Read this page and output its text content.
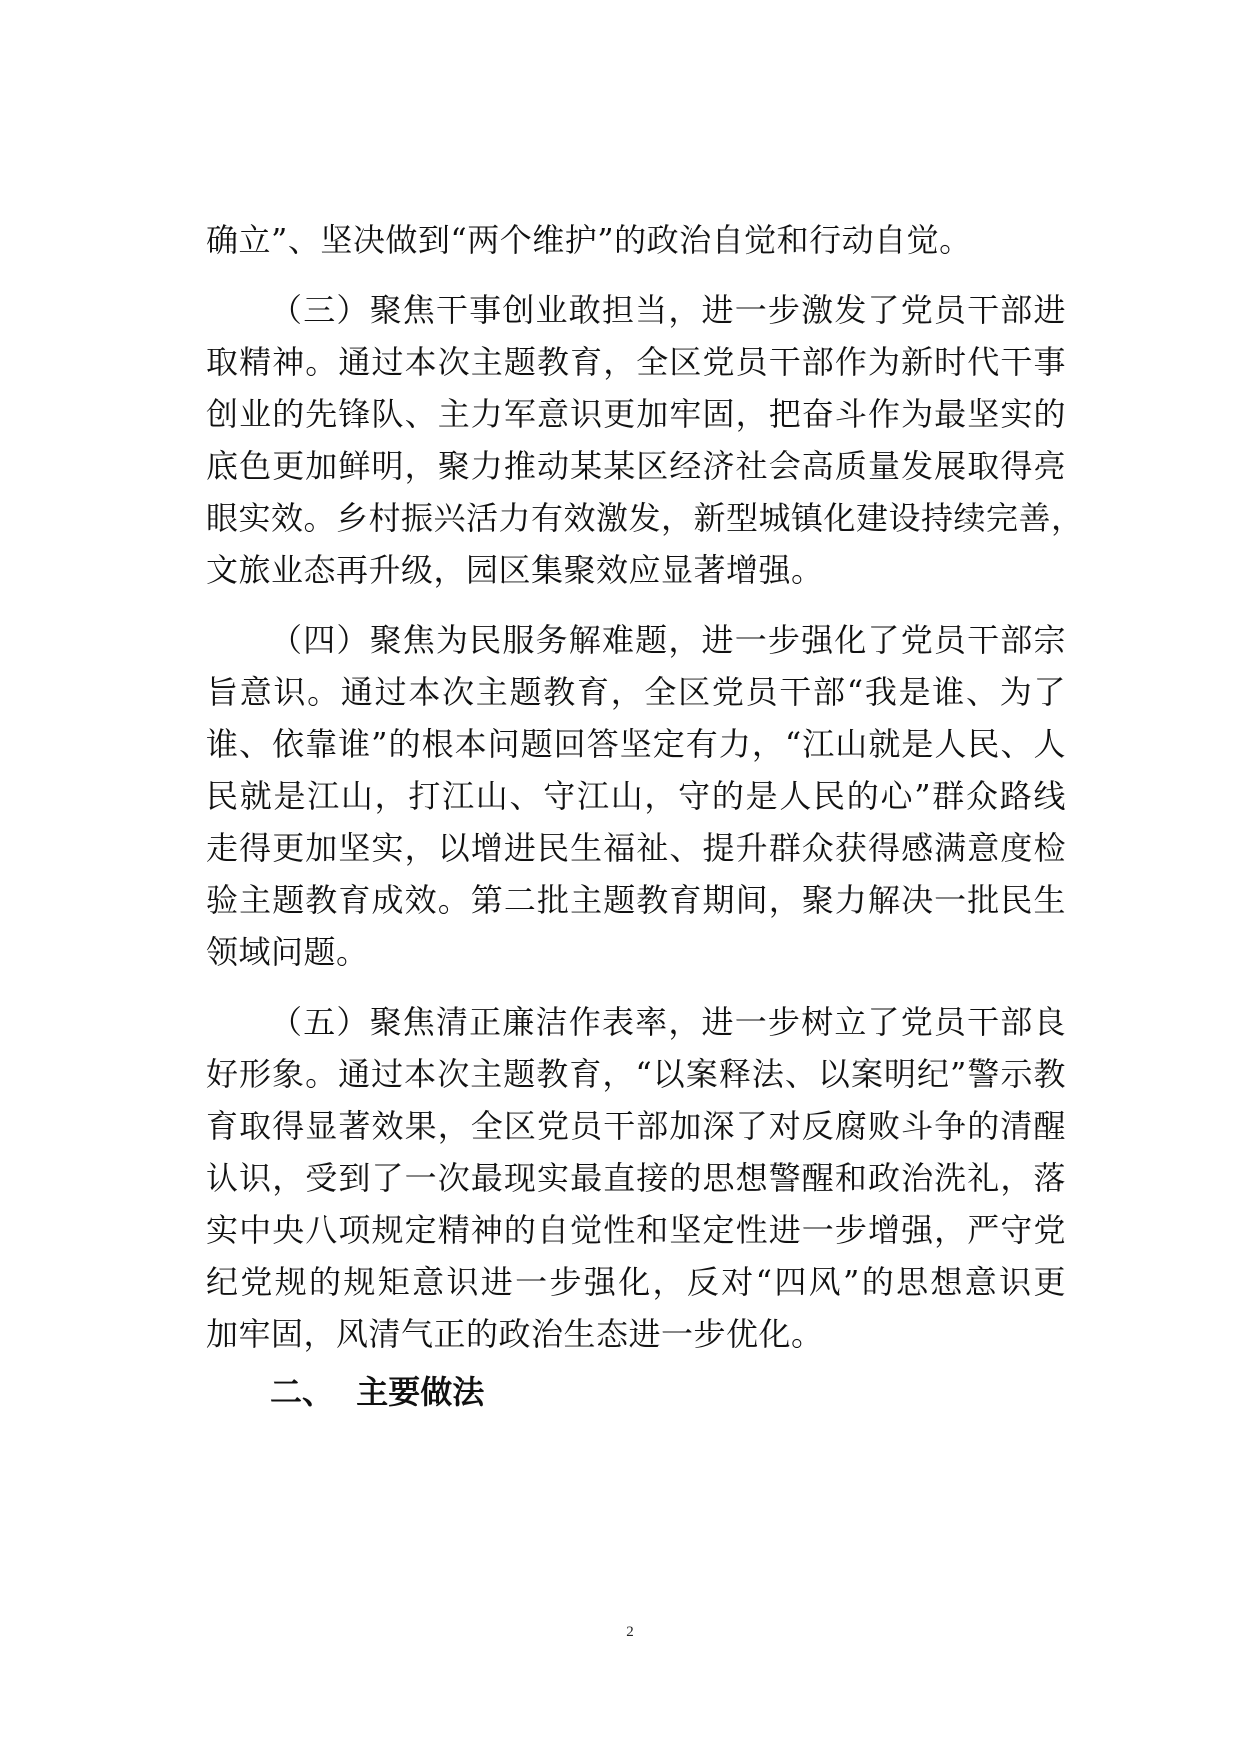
确立”、坚决做到“两个维护”的政治自觉和行动自觉。
（三）聚焦干事创业敢担当，进一步激发了党员干部进
取精神。通过本次主题教育，全区党员干部作为新时代干事
创业的先锋队、主力军意识更加牢固，把奋斗作为最坚实的
底色更加鲜明，聚力推动某某区经济社会高质量发展取得亮
眼实效。乡村振兴活力有效激发，新型城镇化建设持续完善，
文旅业态再升级，园区集聚效应显著增强。
（四）聚焦为民服务解难题，进一步强化了党员干部宗
旨意识。通过本次主题教育，全区党员干部“我是谁、为了
谁、依靠谁”的根本问题回答坚定有力，“江山就是人民、人
民就是江山，打江山、守江山，守的是人民的心”群众路线
走得更加坚实，以增进民生福祉、提升群众获得感满意度检
验主题教育成效。第二批主题教育期间，聚力解决一批民生
领域问题。
（五）聚焦清正廉洁作表率，进一步树立了党员干部良
好形象。通过本次主题教育，“以案释法、以案明纪”警示教
育取得显著效果，全区党员干部加深了对反腐败斗争的清醒
认识，受到了一次最现实最直接的思想警醒和政治洗礼，落
实中央八项规定精神的自觉性和坚定性进一步增强，严守党
纪党规的规矩意识进一步强化，反对“四风”的思想意识更
加牢固，风清气正的政治生态进一步优化。
二、  主要做法
2
